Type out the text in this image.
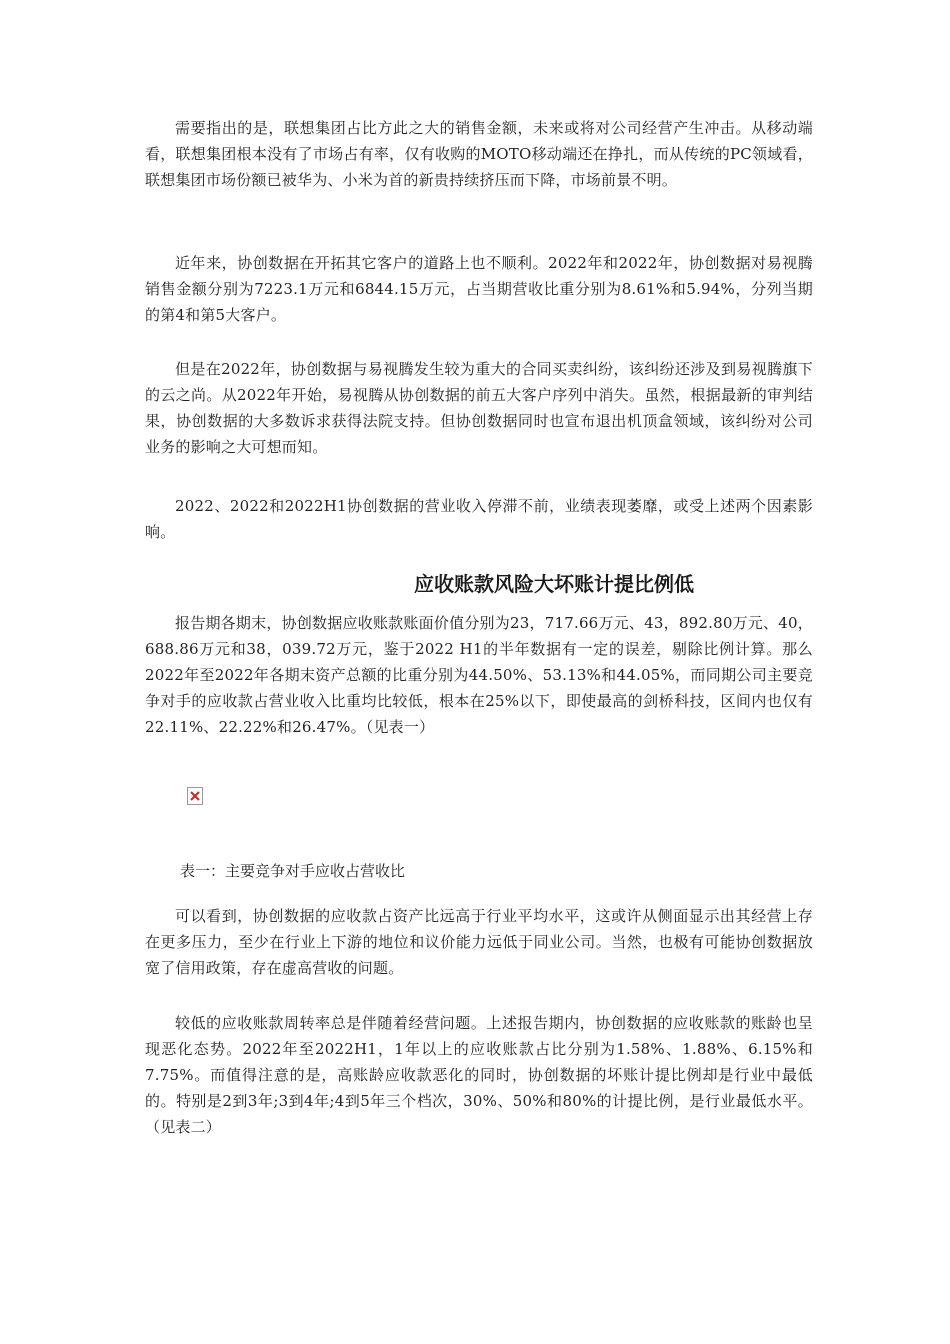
需要指出的是，联想集团占比方此之大的销售金额，未来或将对公司经营产生冲击。从移动端看，联想集团根本没有了市场占有率，仅有收购的MOTO移动端还在挣扎，而从传统的PC领域看，联想集团市场份额已被华为、小米为首的新贵持续挤压而下降，市场前景不明。

近年来，协创数据在开拓其它客户的道路上也不顺利。2022年和2022年，协创数据对易视腾销售金额分别为7223.1万元和6844.15万元，占当期营收比重分别为8.61%和5.94%，分列当期的第4和第5大客户。

但是在2022年，协创数据与易视腾发生较为重大的合同买卖纠纷，该纠纷还涉及到易视腾旗下的云之尚。从2022年开始，易视腾从协创数据的前五大客户序列中消失。虽然，根据最新的审判结果，协创数据的大多数诉求获得法院支持。但协创数据同时也宣布退出机顶盒领域，该纠纷对公司业务的影响之大可想而知。

2022、2022和2022H1协创数据的营业收入停滞不前，业绩表现萎靡，或受上述两个因素影响。

应收账款风险大坏账计提比例低

报告期各期末，协创数据应收账款账面价值分别为23，717.66万元、43，892.80万元、40，688.86万元和38，039.72万元，鉴于2022 H1的半年数据有一定的误差，剔除比例计算。那么2022年至2022年各期末资产总额的比重分别为44.50%、53.13%和44.05%，而同期公司主要竞争对手的应收款占营业收入比重均比较低，根本在25%以下，即使最高的剑桥科技，区间内也仅有22.11%、22.22%和26.47%。（见表一）

表一：主要竞争对手应收占营收比

可以看到，协创数据的应收款占资产比远高于行业平均水平，这或许从侧面显示出其经营上存在更多压力，至少在行业上下游的地位和议价能力远低于同业公司。当然，也极有可能协创数据放宽了信用政策，存在虚高营收的问题。

较低的应收账款周转率总是伴随着经营问题。上述报告期内，协创数据的应收账款的账龄也呈现恶化态势。2022年至2022H1，1年以上的应收账款占比分别为1.58%、1.88%、6.15%和7.75%。而值得注意的是，高账龄应收款恶化的同时，协创数据的坏账计提比例却是行业中最低的。特别是2到3年;3到4年;4到5年三个档次，30%、50%和80%的计提比例，是行业最低水平。（见表二）
